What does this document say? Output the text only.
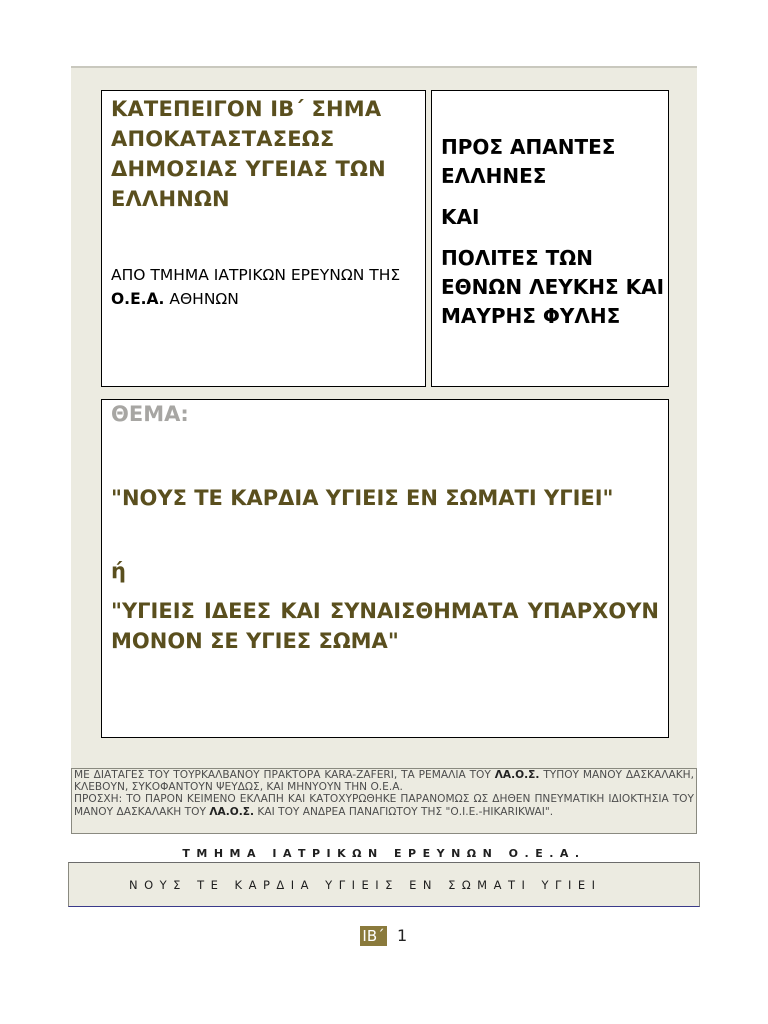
ΚΑΤΕΠΕΙΓΟΝ ΙΒ΄ ΣΗΜΑ ΑΠΟΚΑΤΑΣΤΑΣΕΩΣ ΔΗΜΟΣΙΑΣ ΥΓΕΙΑΣ ΤΩΝ ΕΛΛΗΝΩΝ
ΑΠΟ ΤΜΗΜΑ ΙΑΤΡΙΚΩΝ ΕΡΕΥΝΩΝ ΤΗΣ Ο.Ε.Α. ΑΘΗΝΩΝ

ΠΡΟΣ ΑΠΑΝΤΕΣ ΕΛΛΗΝΕΣ

ΚΑΙ

ΠΟΛΙΤΕΣ ΤΩΝ ΕΘΝΩΝ ΛΕΥΚΗΣ ΚΑΙ ΜΑΥΡΗΣ ΦΥΛΗΣ

ΘΕΜΑ:
"ΝΟΥΣ ΤΕ ΚΑΡΔΙΑ ΥΓΙΕΙΣ ΕΝ ΣΩΜΑΤΙ ΥΓΙΕΙ"
ή
"ΥΓΙΕΙΣ ΙΔΕΕΣ ΚΑΙ ΣΥΝΑΙΣΘΗΜΑΤΑ ΥΠΑΡΧΟΥΝ ΜΟΝΟΝ ΣΕ ΥΓΙΕΣ ΣΩΜΑ"

ΜΕ ΔΙΑΤΑΓΕΣ ΤΟΥ ΤΟΥΡΚΑΛΒΑΝΟΥ ΠΡΑΚΤΟΡΑ KARA-ZAFERI, ΤΑ ΡΕΜΑΛΙΑ ΤΟΥ ΛΑ.Ο.Σ. ΤΥΠΟΥ ΜΑΝΟΥ ΔΑΣΚΑΛΑΚΗ, ΚΛΕΒΟΥΝ, ΣΥΚΟΦΑΝΤΟΥΝ ΨΕΥΔΩΣ, ΚΑΙ ΜΗΝΥΟΥΝ ΤΗΝ Ο.Ε.Α.

ΠΡΟΣΧΗ: ΤΟ ΠΑΡΟΝ ΚΕΙΜΕΝΟ ΕΚΛΑΠΗ ΚΑΙ ΚΑΤΟΧΥΡΩΘΗΚΕ ΠΑΡΑΝΟΜΩΣ ΩΣ ΔΗΘΕΝ ΠΝΕΥΜΑΤΙΚΗ ΙΔΙΟΚΤΗΣΙΑ ΤΟΥ ΜΑΝΟΥ ΔΑΣΚΑΛΑΚΗ ΤΟΥ ΛΑ.Ο.Σ. ΚΑΙ ΤΟΥ ΑΝΔΡΕΑ ΠΑΝΑΓΙΩΤΟΥ ΤΗΣ "Ο.Ι.Ε.-HIKARIKWAI".

ΤΜΗΜΑ ΙΑΤΡΙΚΩΝ ΕΡΕΥΝΩΝ Ο.Ε.Α.
ΝΟΥΣ ΤΕ ΚΑΡΔΙΑ ΥΓΙΕΙΣ ΕΝ ΣΩΜΑΤΙ ΥΓΙΕΙ
ΙΒ΄ 1
